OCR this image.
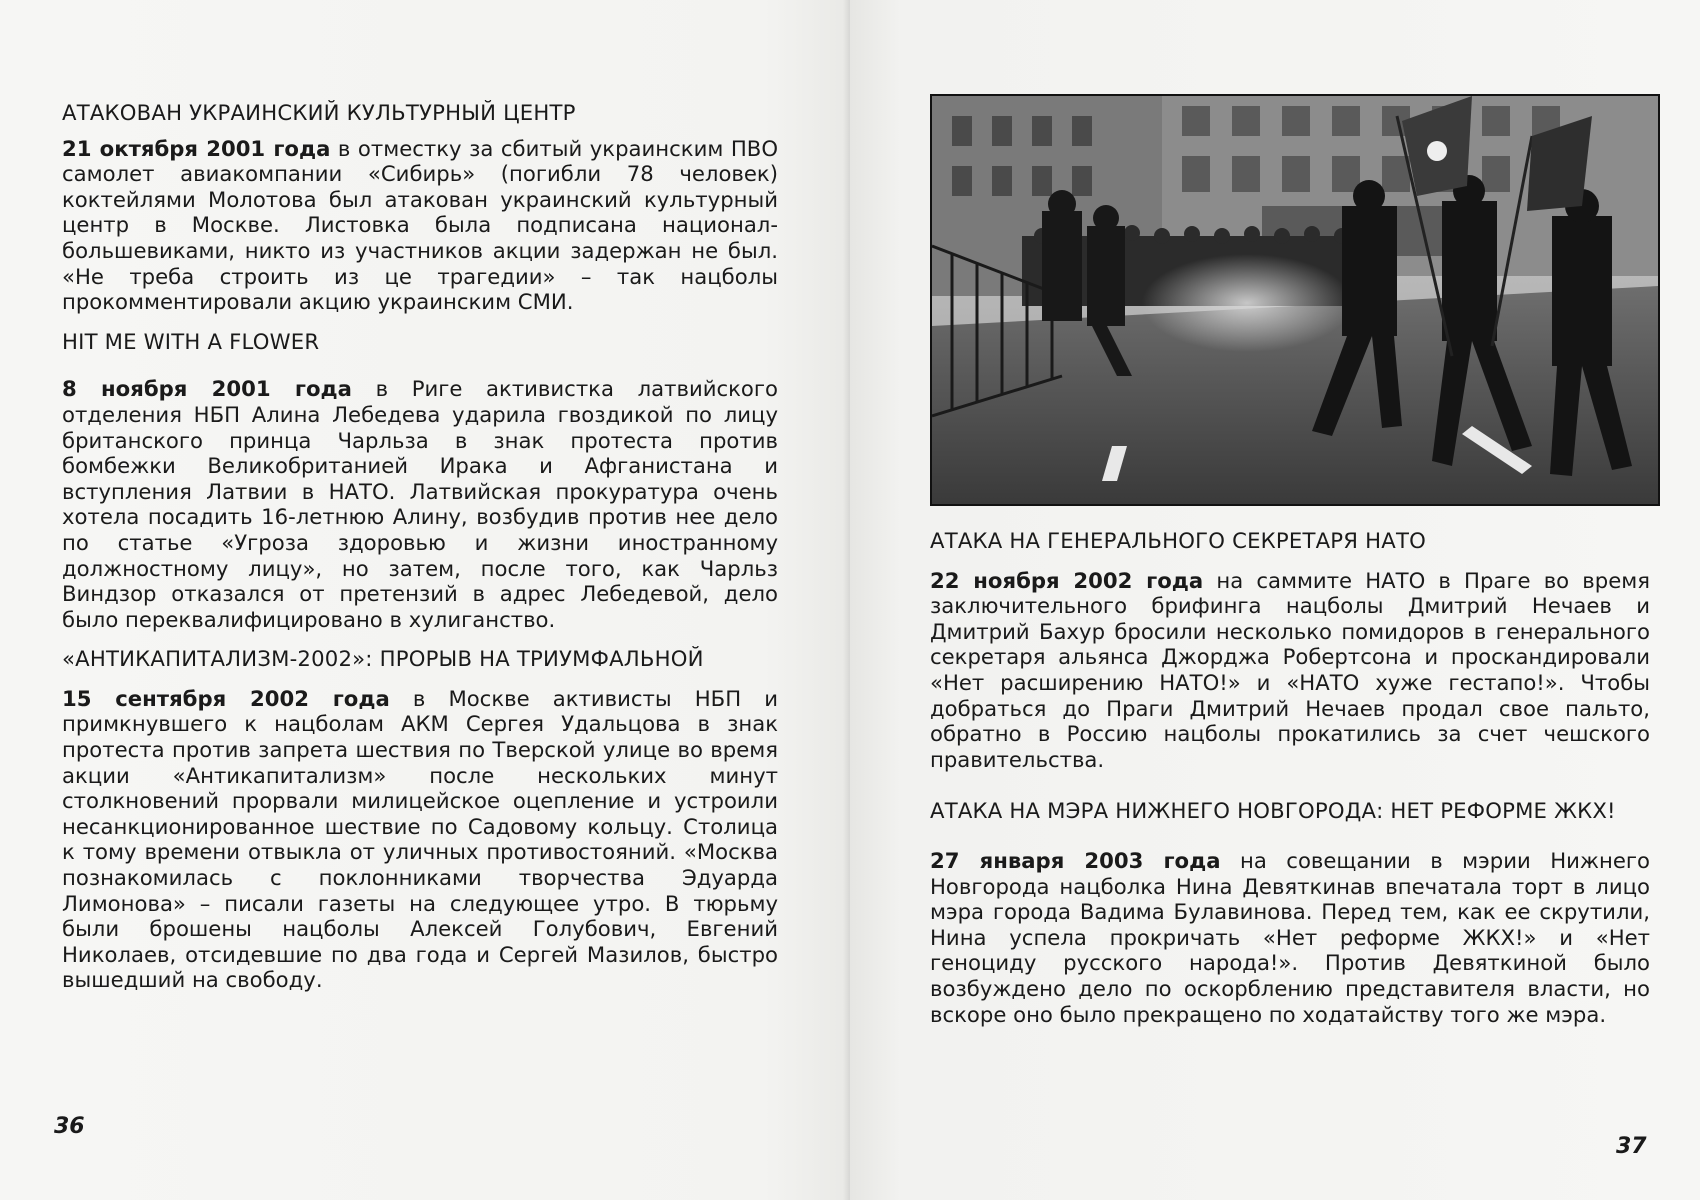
АТАКОВАН УКРАИНСКИЙ КУЛЬТУРНЫЙ ЦЕНТР

21 октября 2001 года в отместку за сбитый украинским ПВО самолет авиакомпании «Сибирь» (погибли 78 человек) коктейлями Молотова был атакован украинский культурный центр в Москве. Листовка была подписана национал-большевиками, никто из участников акции задержан не был. «Не треба строить из це трагедии» – так нацболы прокомментировали акцию украинским СМИ.

HIT ME WITH A FLOWER

8 ноября 2001 года в Риге активистка латвийского отделения НБП Алина Лебедева ударила гвоздикой по лицу британского принца Чарльза в знак протеста против бомбежки Великобританией Ирака и Афганистана и вступления Латвии в НАТО. Латвийская прокуратура очень хотела посадить 16-летнюю Алину, возбудив против нее дело по статье «Угроза здоровью и жизни иностранному должностному лицу», но затем, после того, как Чарльз Виндзор отказался от претензий в адрес Лебедевой, дело было переквалифицировано в хулиганство.

«АНТИКАПИТАЛИЗМ-2002»: ПРОРЫВ НА ТРИУМФАЛЬНОЙ

15 сентября 2002 года в Москве активисты НБП и примкнувшего к нацболам АКМ Сергея Удальцова в знак протеста против запрета шествия по Тверской улице во время акции «Антикапитализм» после нескольких минут столкновений прорвали милицейское оцепление и устроили несанкционированное шествие по Садовому кольцу. Столица к тому времени отвыкла от уличных противостояний. «Москва познакомилась с поклонниками творчества Эдуарда Лимонова» – писали газеты на следующее утро. В тюрьму были брошены нацболы Алексей Голубович, Евгений Николаев, отсидевшие по два года и Сергей Мазилов, быстро вышедший на свободу.

36
37
АТАКА НА ГЕНЕРАЛЬНОГО СЕКРЕТАРЯ НАТО

22 ноября 2002 года на саммите НАТО в Праге во время заключительного брифинга нацболы Дмитрий Нечаев и Дмитрий Бахур бросили несколько помидоров в генерального секретаря альянса Джорджа Робертсона и проскандировали «Нет расширению НАТО!» и «НАТО хуже гестапо!». Чтобы добраться до Праги Дмитрий Нечаев продал свое пальто, обратно в Россию нацболы прокатились за счет чешского правительства.

АТАКА НА МЭРА НИЖНЕГО НОВГОРОДА: НЕТ РЕФОРМЕ ЖКХ!

27 января 2003 года на совещании в мэрии Нижнего Новгорода нацболка Нина Девяткинав впечатала торт в лицо мэра города Вадима Булавинова. Перед тем, как ее скрутили, Нина успела прокричать «Нет реформе ЖКХ!» и «Нет геноциду русского народа!». Против Девяткиной было возбуждено дело по оскорблению представителя власти, но вскоре оно было прекращено по ходатайству того же мэра.
